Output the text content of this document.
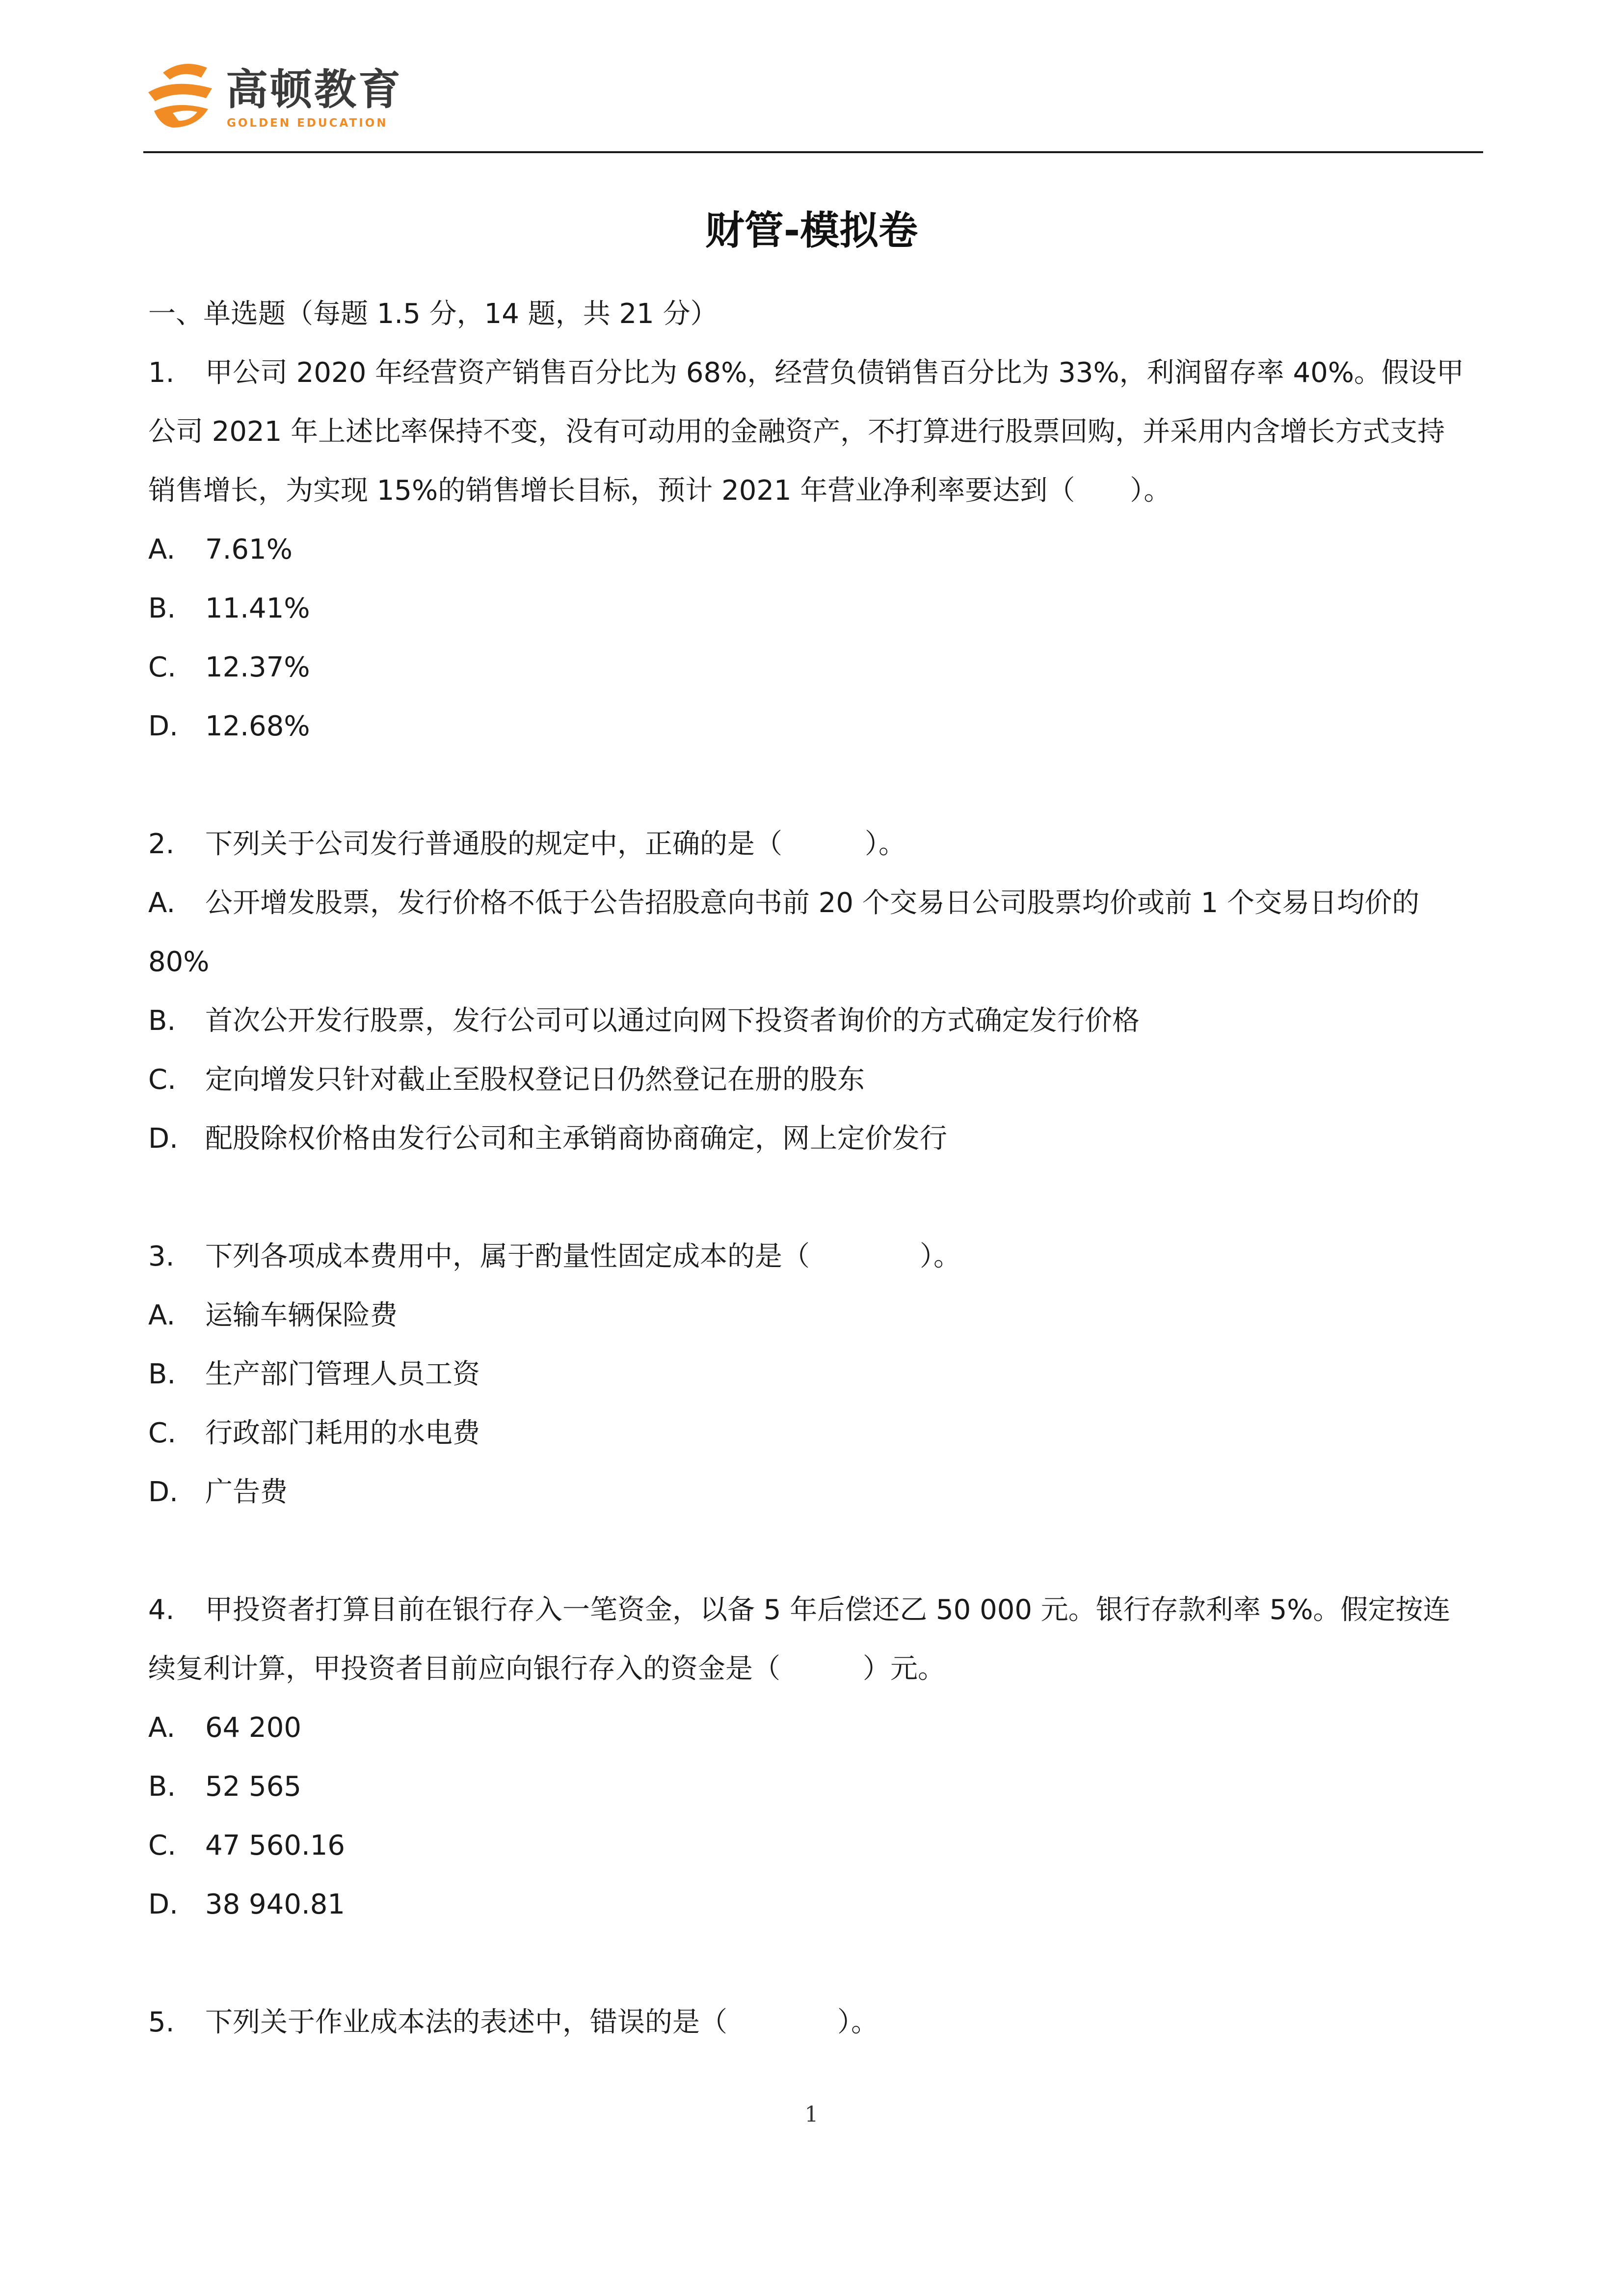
高顿教育
GOLDEN EDUCATION
财管-模拟卷
一、单选题（每题 1.5 分，14 题，共 21 分）
1. 甲公司 2020 年经营资产销售百分比为 68%，经营负债销售百分比为 33%，利润留存率 40%。假设甲
公司 2021 年上述比率保持不变，没有可动用的金融资产，不打算进行股票回购，并采用内含增长方式支持
销售增长，为实现 15%的销售增长目标，预计 2021 年营业净利率要达到（　　）。
A. 7.61%
B. 11.41%
C. 12.37%
D. 12.68%
2. 下列关于公司发行普通股的规定中，正确的是（　　　）。
A. 公开增发股票，发行价格不低于公告招股意向书前 20 个交易日公司股票均价或前 1 个交易日均价的
80%
B. 首次公开发行股票，发行公司可以通过向网下投资者询价的方式确定发行价格
C. 定向增发只针对截止至股权登记日仍然登记在册的股东
D. 配股除权价格由发行公司和主承销商协商确定，网上定价发行
3. 下列各项成本费用中，属于酌量性固定成本的是（　　　　）。
A. 运输车辆保险费
B. 生产部门管理人员工资
C. 行政部门耗用的水电费
D. 广告费
4. 甲投资者打算目前在银行存入一笔资金，以备 5 年后偿还乙 50 000 元。银行存款利率 5%。假定按连
续复利计算，甲投资者目前应向银行存入的资金是（　　　）元。
A. 64 200
B. 52 565
C. 47 560.16
D. 38 940.81
5. 下列关于作业成本法的表述中，错误的是（　　　　）。
1
